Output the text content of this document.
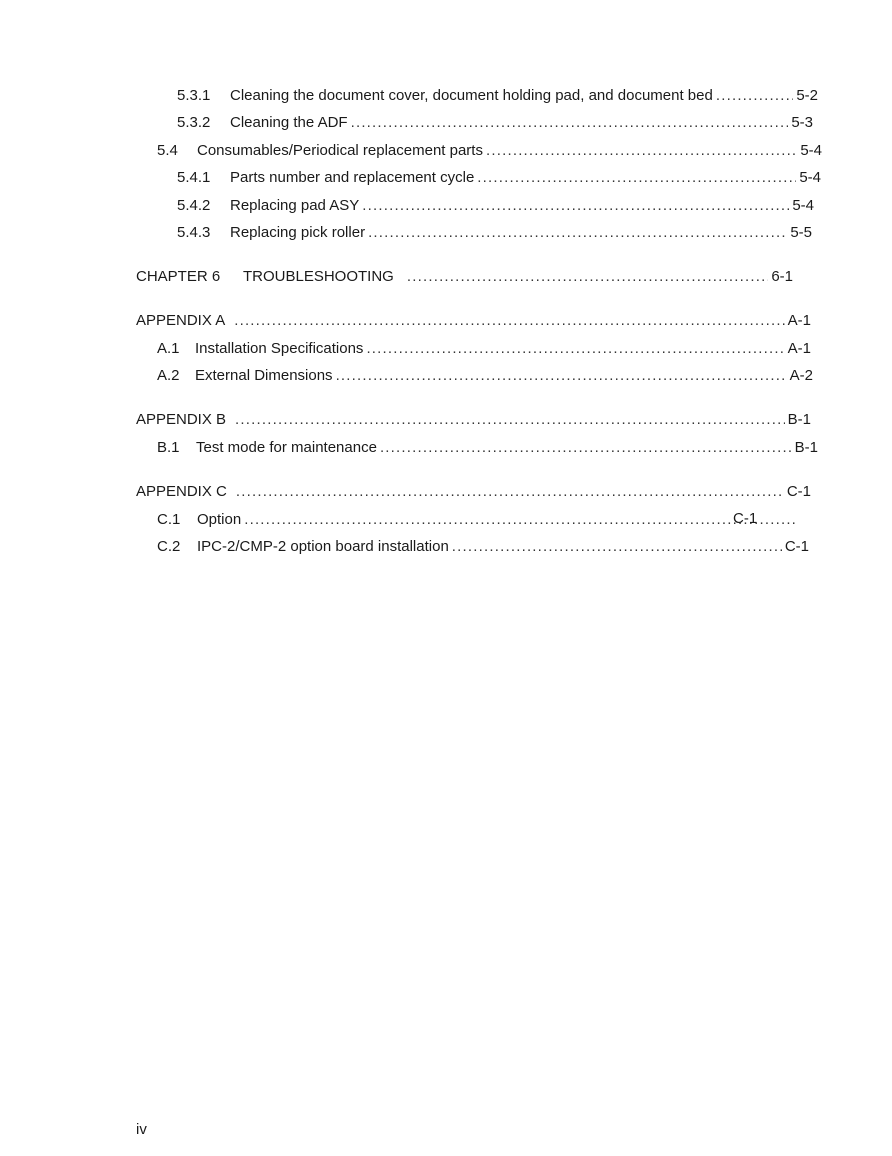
5.3.1	Cleaning the document cover, document holding pad, and document bed .....	5-2
5.3.2	Cleaning the ADF .....	5-3
5.4	Consumables/Periodical replacement parts .....	5-4
5.4.1	Parts number and replacement cycle .....	5-4
5.4.2	Replacing pad ASY .....	5-4
5.4.3	Replacing pick roller .....	5-5
CHAPTER 6	TROUBLESHOOTING .....	6-1
APPENDIX A .....	A-1
A.1	Installation Specifications .....	A-1
A.2	External Dimensions .....	A-2
APPENDIX B .....	B-1
B.1	Test mode for maintenance .....	B-1
APPENDIX C .....	C-1
C.1	Option .....	C-1
C.2	IPC-2/CMP-2 option board installation .....	C-1
iv
